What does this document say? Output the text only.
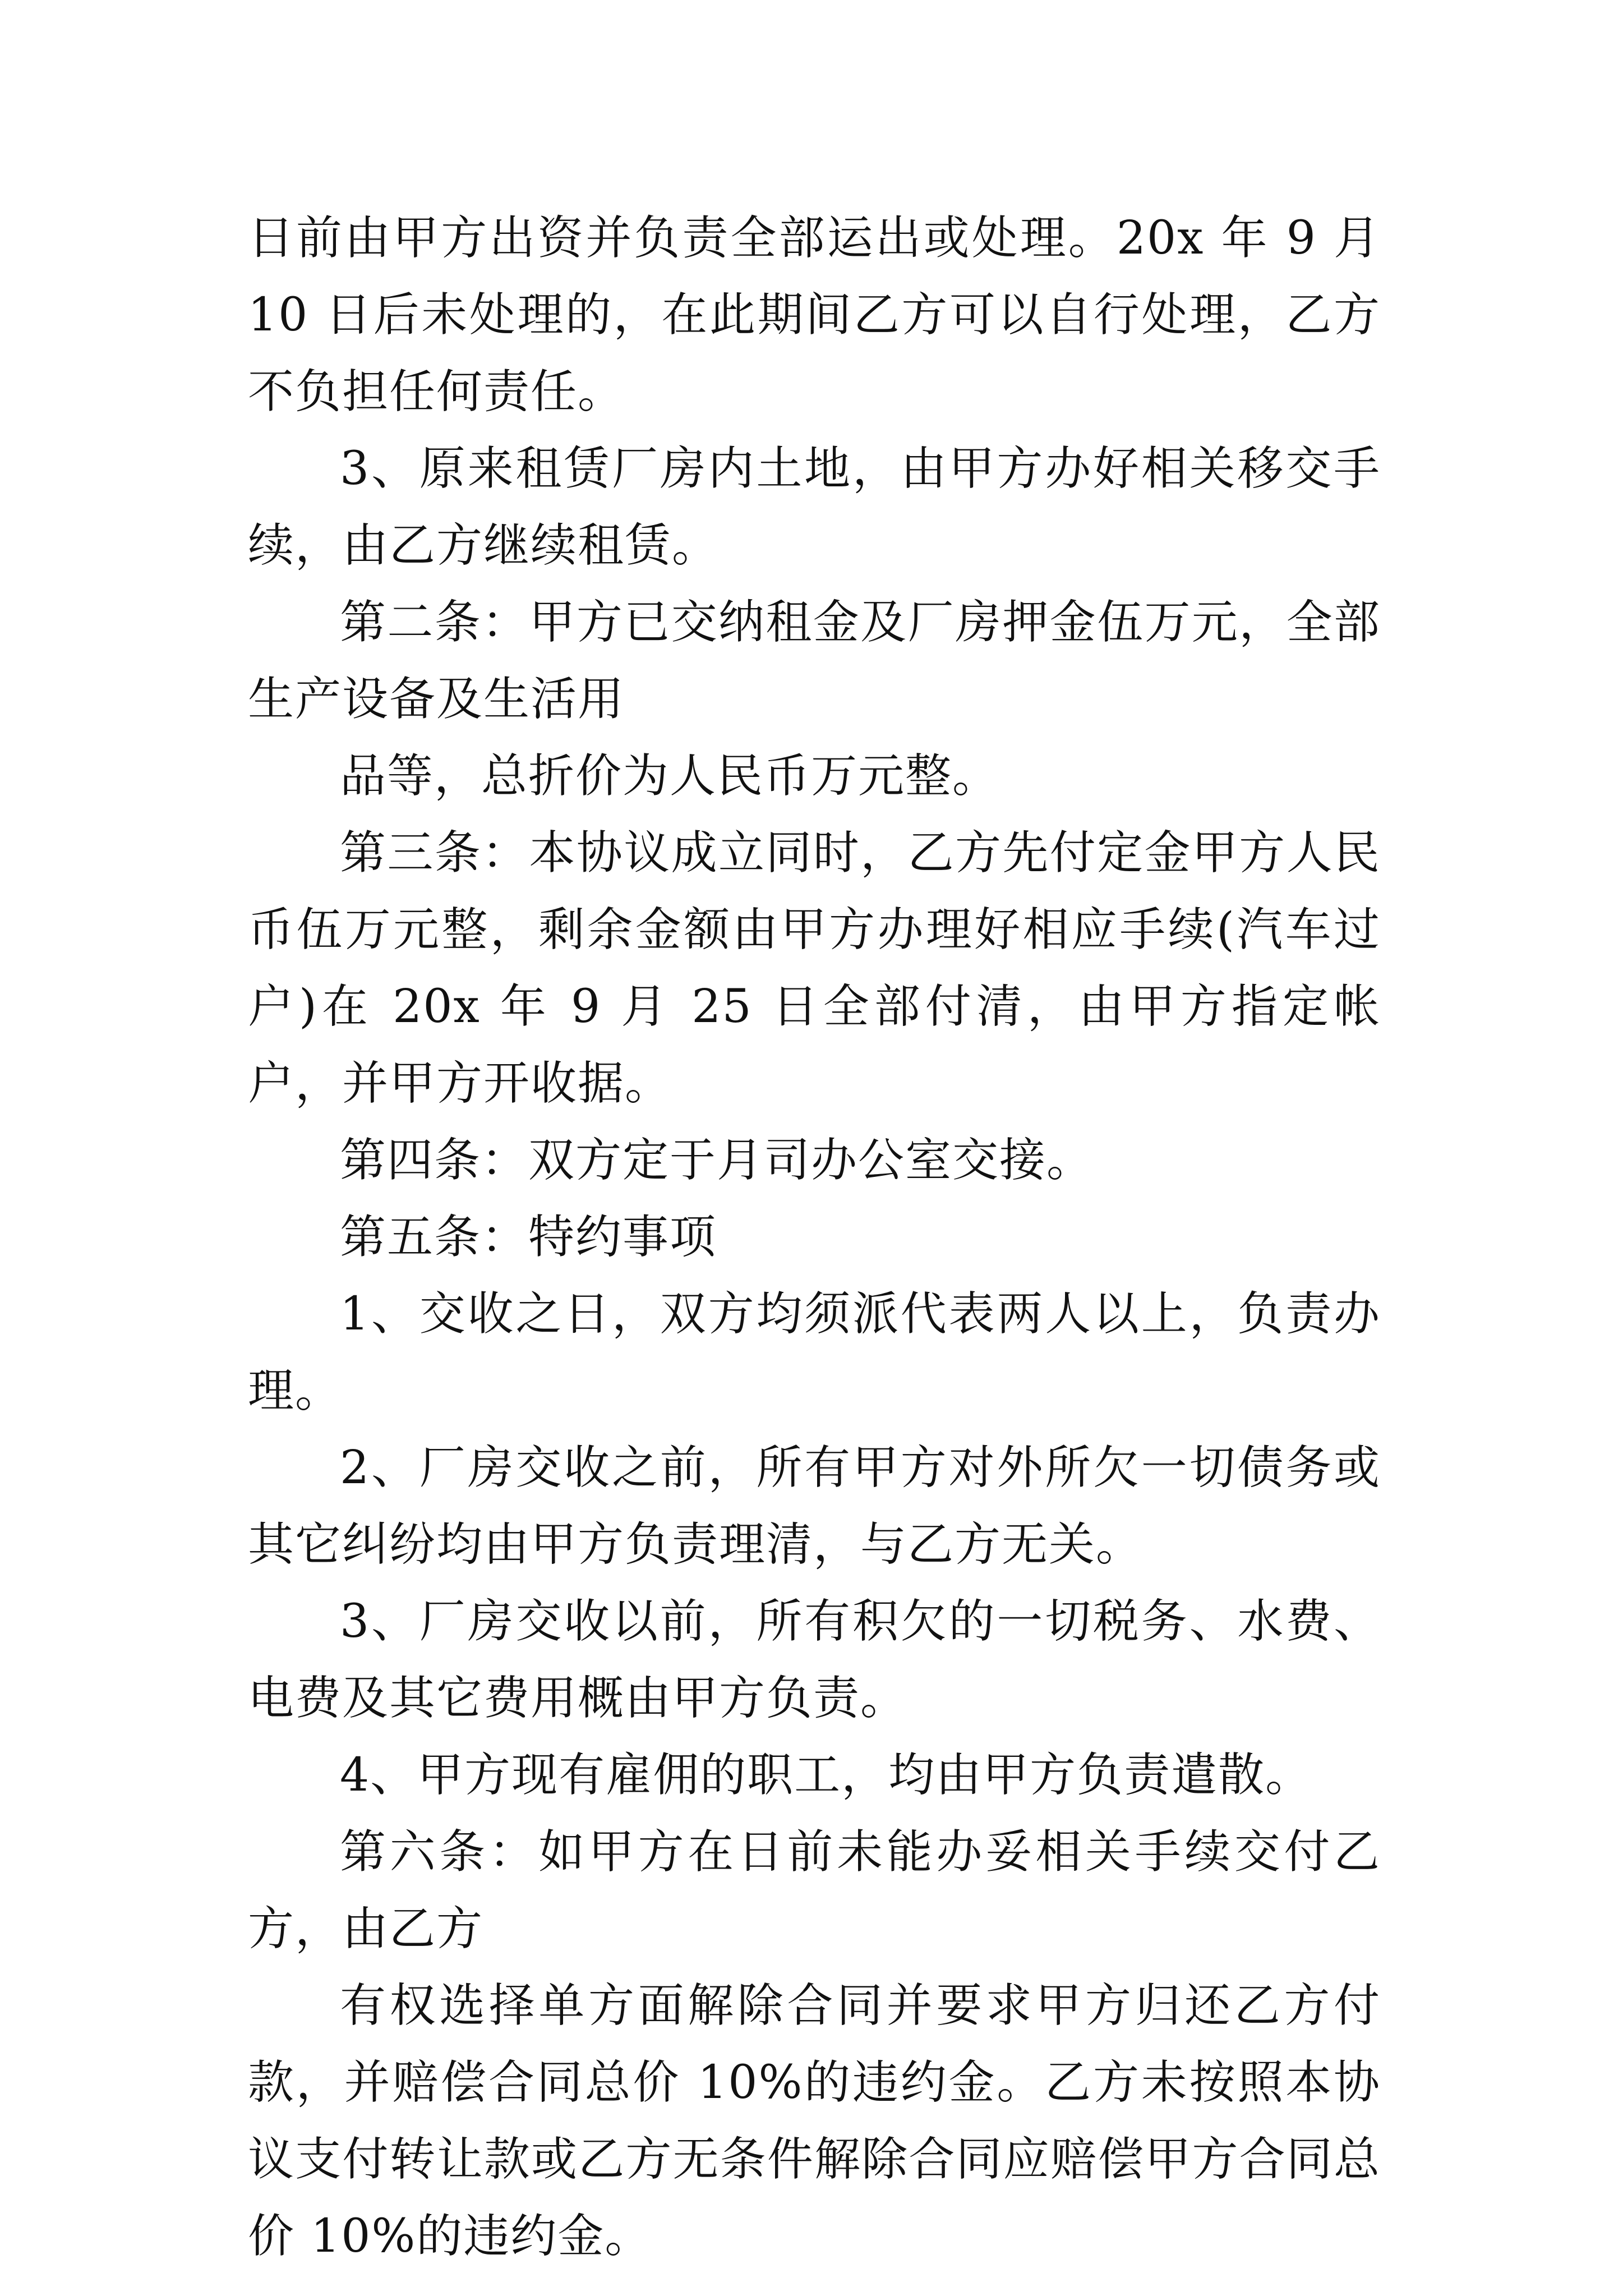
日前由甲方出资并负责全部运出或处理。20x 年 9 月 10 日后未处理的，在此期间乙方可以自行处理，乙方不负担任何责任。

3、原来租赁厂房内土地，由甲方办好相关移交手续，由乙方继续租赁。

第二条：甲方已交纳租金及厂房押金伍万元，全部生产设备及生活用

品等，总折价为人民币万元整。

第三条：本协议成立同时，乙方先付定金甲方人民币伍万元整，剩余金额由甲方办理好相应手续(汽车过户)在 20x 年 9 月 25 日全部付清，由甲方指定帐户，并甲方开收据。

第四条：双方定于月司办公室交接。

第五条：特约事项

1、交收之日，双方均须派代表两人以上，负责办理。

2、厂房交收之前，所有甲方对外所欠一切债务或其它纠纷均由甲方负责理清，与乙方无关。

3、厂房交收以前，所有积欠的一切税务、水费、电费及其它费用概由甲方负责。

4、甲方现有雇佣的职工，均由甲方负责遣散。

第六条：如甲方在日前未能办妥相关手续交付乙方，由乙方

有权选择单方面解除合同并要求甲方归还乙方付款，并赔偿合同总价 10%的违约金。乙方未按照本协议支付转让款或乙方无条件解除合同应赔偿甲方合同总价 10%的违约金。
